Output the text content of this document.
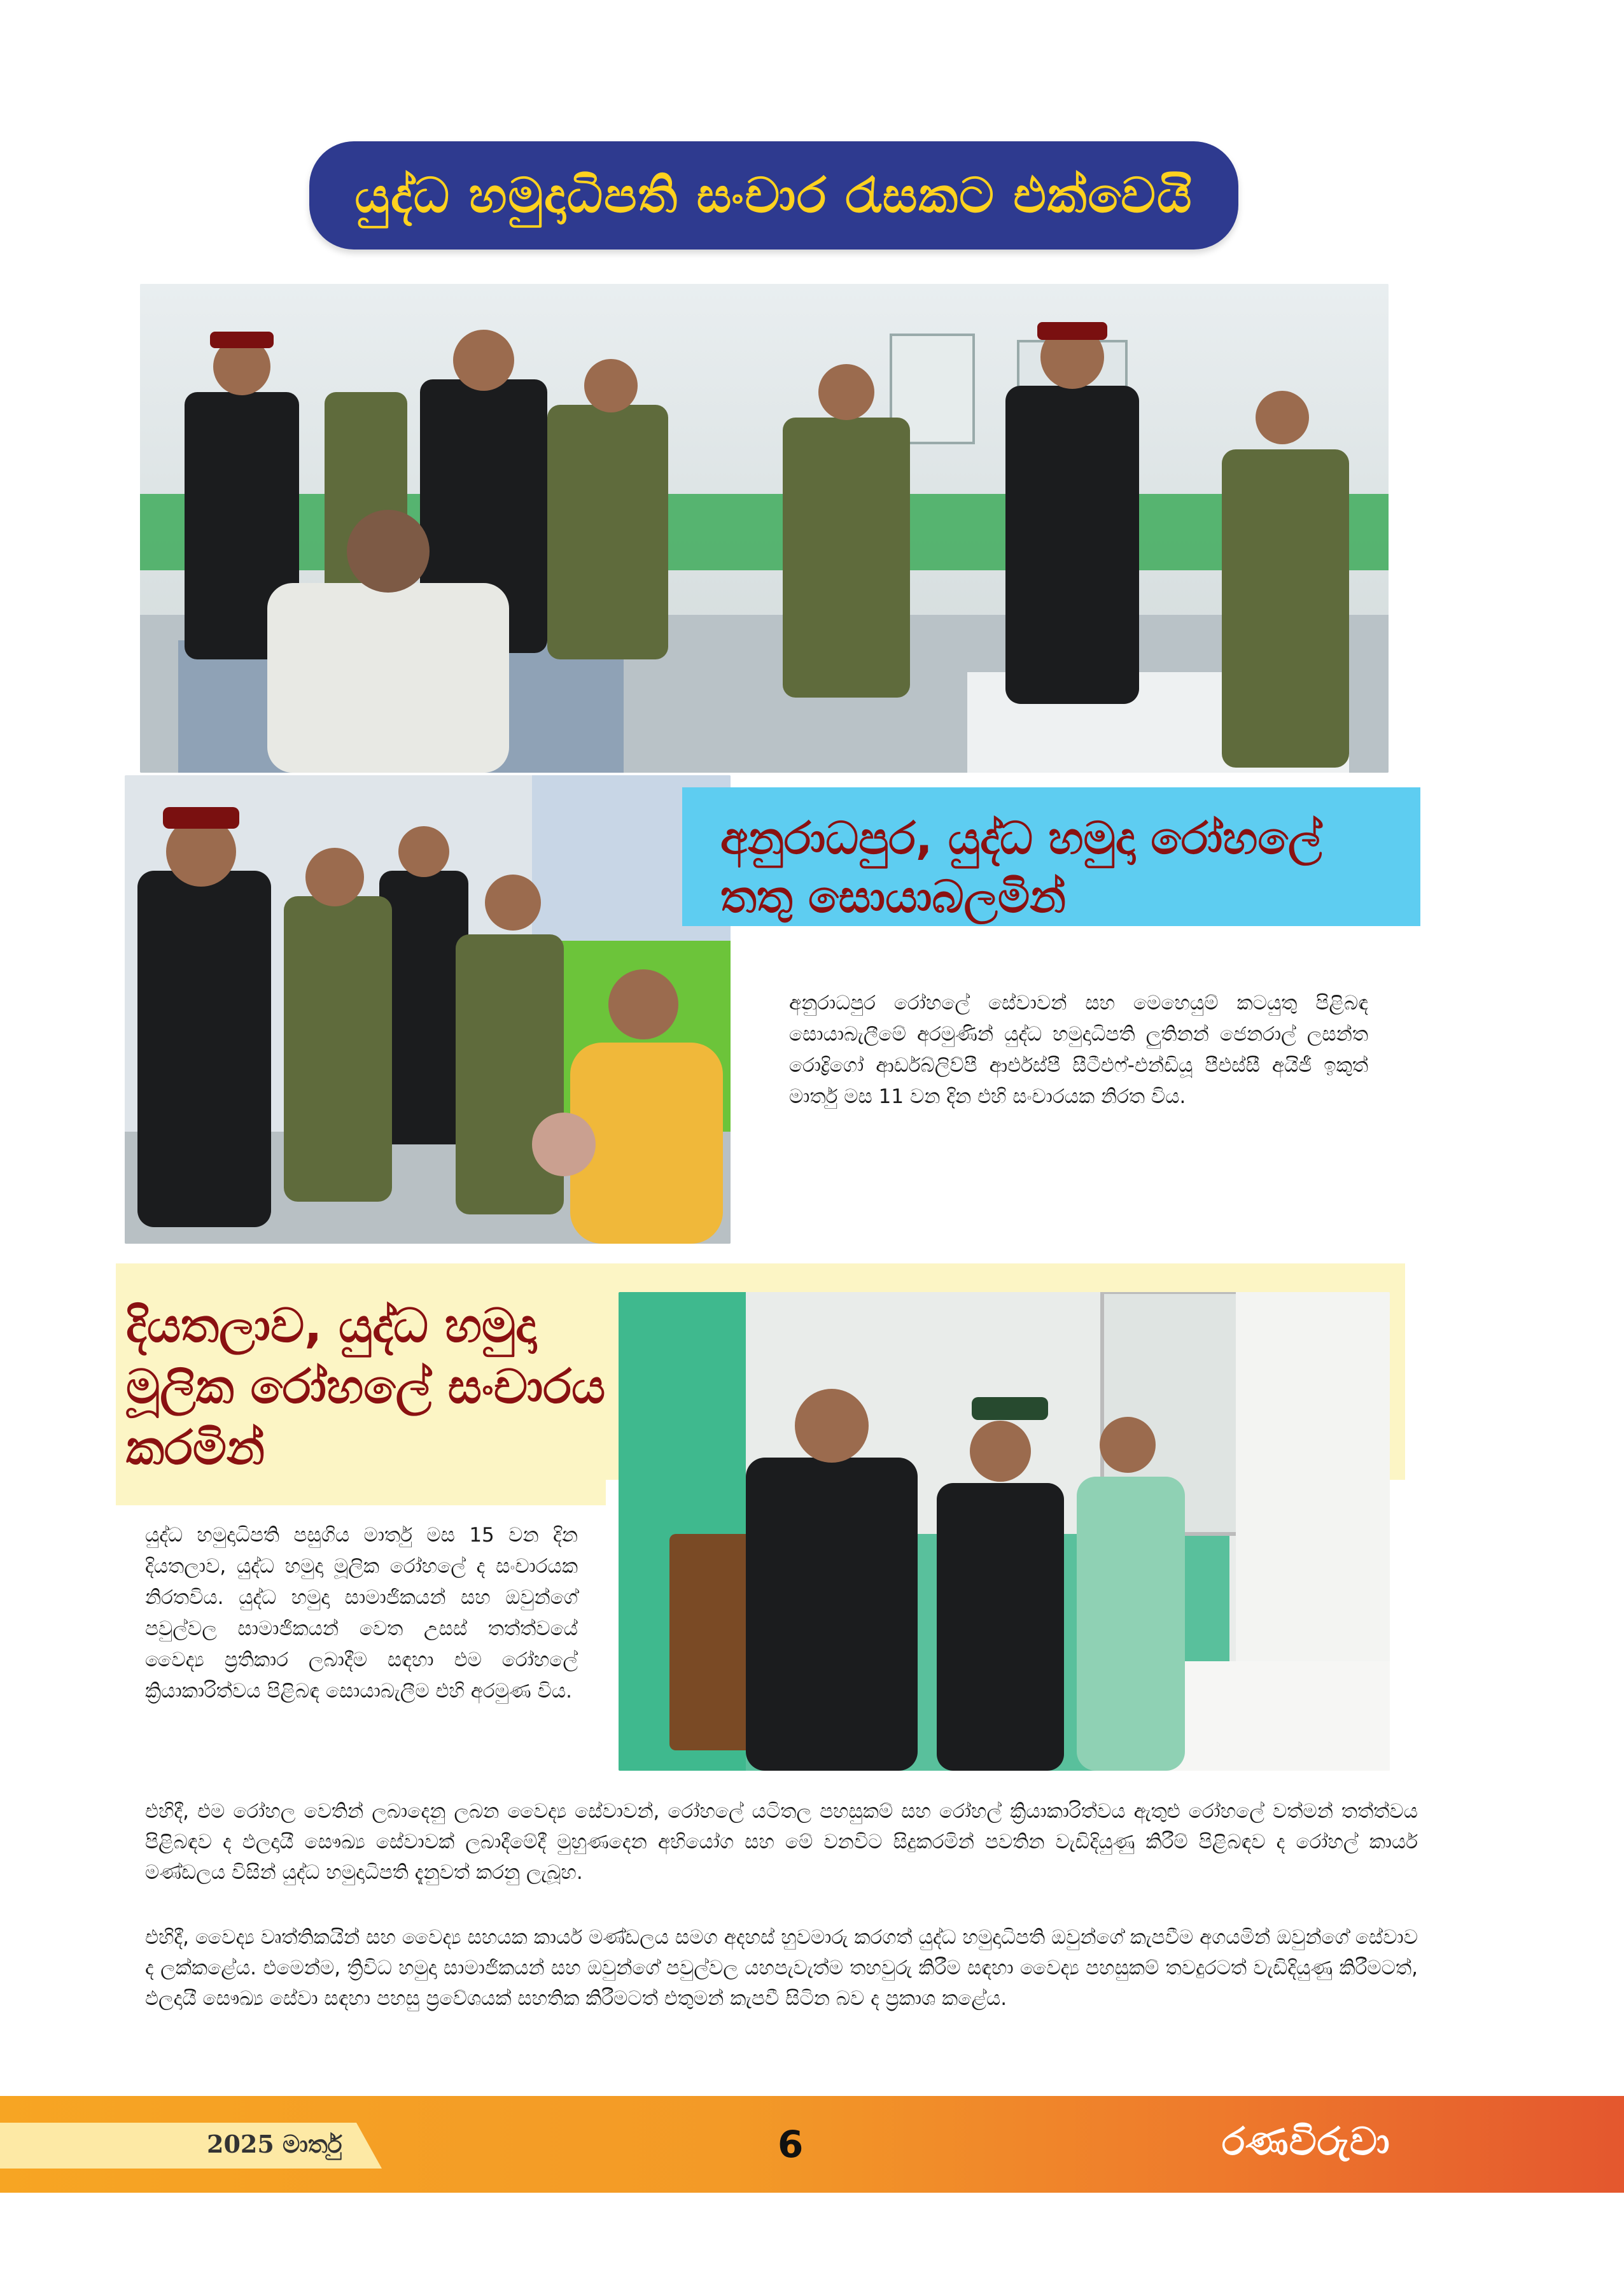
යුද්ධ හමුදාධිපති සංචාර රැසකට එක්වෙයි
අනුරාධපුර, යුද්ධ හමුදා රෝහලේ
තතු සොයාබලමින්
අනුරාධපුර රෝහලේ සේවාවන් සහ මෙහෙයුම් කටයුතු පිළිබඳ සොයාබැලීමේ අරමුණින් යුද්ධ හමුදාධිපති ලුතිනන් ජෙනරාල් ලසන්ත රොද්‍රිගෝ ආර්ඩබ්ලිව්පී ආර්එස්පී සීටීඑෆ්-එන්ඩියූ පීඑස්සී අයිජී ඉකුත් මාර්තු මස 11 වන දින එහි සංචාරයක නිරත විය.
දියතලාව, යුද්ධ හමුදා
මූලික රෝහලේ සංචාරය
කරමින්
යුද්ධ හමුදාධිපති පසුගිය මාර්තු මස 15 වන දින දියතලාව, යුද්ධ හමුදා මූලික රෝහලේ ද සංචාරයක නිරතවිය. යුද්ධ හමුදා සාමාජිකයන් සහ ඔවුන්ගේ පවුල්වල සාමාජිකයන් වෙත උසස් තත්ත්වයේ වෛද්‍ය ප්‍රතිකාර ලබාදීම සඳහා එම රෝහලේ ක්‍රියාකාරිත්වය පිළිබඳ සොයාබැලීම එහි අරමුණ විය.
එහිදී, එම රෝහල වෙතින් ලබාදෙනු ලබන වෛද්‍ය සේවාවන්, රෝහලේ යටිතල පහසුකම් සහ රෝහල් ක්‍රියාකාරිත්වය ඇතුළු රෝහලේ වත්මන් තත්ත්වය පිළිබඳව ද ඵලදායී සෞඛ්‍ය සේවාවක් ලබාදීමේදී මුහුණදෙන අභියෝග සහ මේ වනවිට සිදුකරමින් පවතින වැඩිදියුණු කිරීම් පිළිබඳව ද රෝහල් කාර්ය මණ්ඩලය විසින් යුද්ධ හමුදාධිපති දැනුවත් කරනු ලැබූහ.
එහිදී, වෛද්‍ය වෘත්තිකයින් සහ වෛද්‍ය සහයක කාර්ය මණ්ඩලය සමග අදහස් හුවමාරු කරගත් යුද්ධ හමුදාධිපති ඔවුන්ගේ කැපවීම අගයමින් ඔවුන්ගේ සේවාව ද ලක්කළේය. එමෙන්ම, ත්‍රිවිධ හමුදා සාමාජිකයන් සහ ඔවුන්ගේ පවුල්වල යහපැවැත්ම තහවුරු කිරීම සඳහා වෛද්‍ය පහසුකම් තවදුරටත් වැඩිදියුණු කිරීමටත්, ඵලදායී සෞඛ්‍ය සේවා සඳහා පහසු ප්‍රවේශයක් සහතික කිරීමටත් එතුමන් කැපවී සිටින බව ද ප්‍රකාශ කළේය.
2025 මාර්තු	6	රණවිරුවා
